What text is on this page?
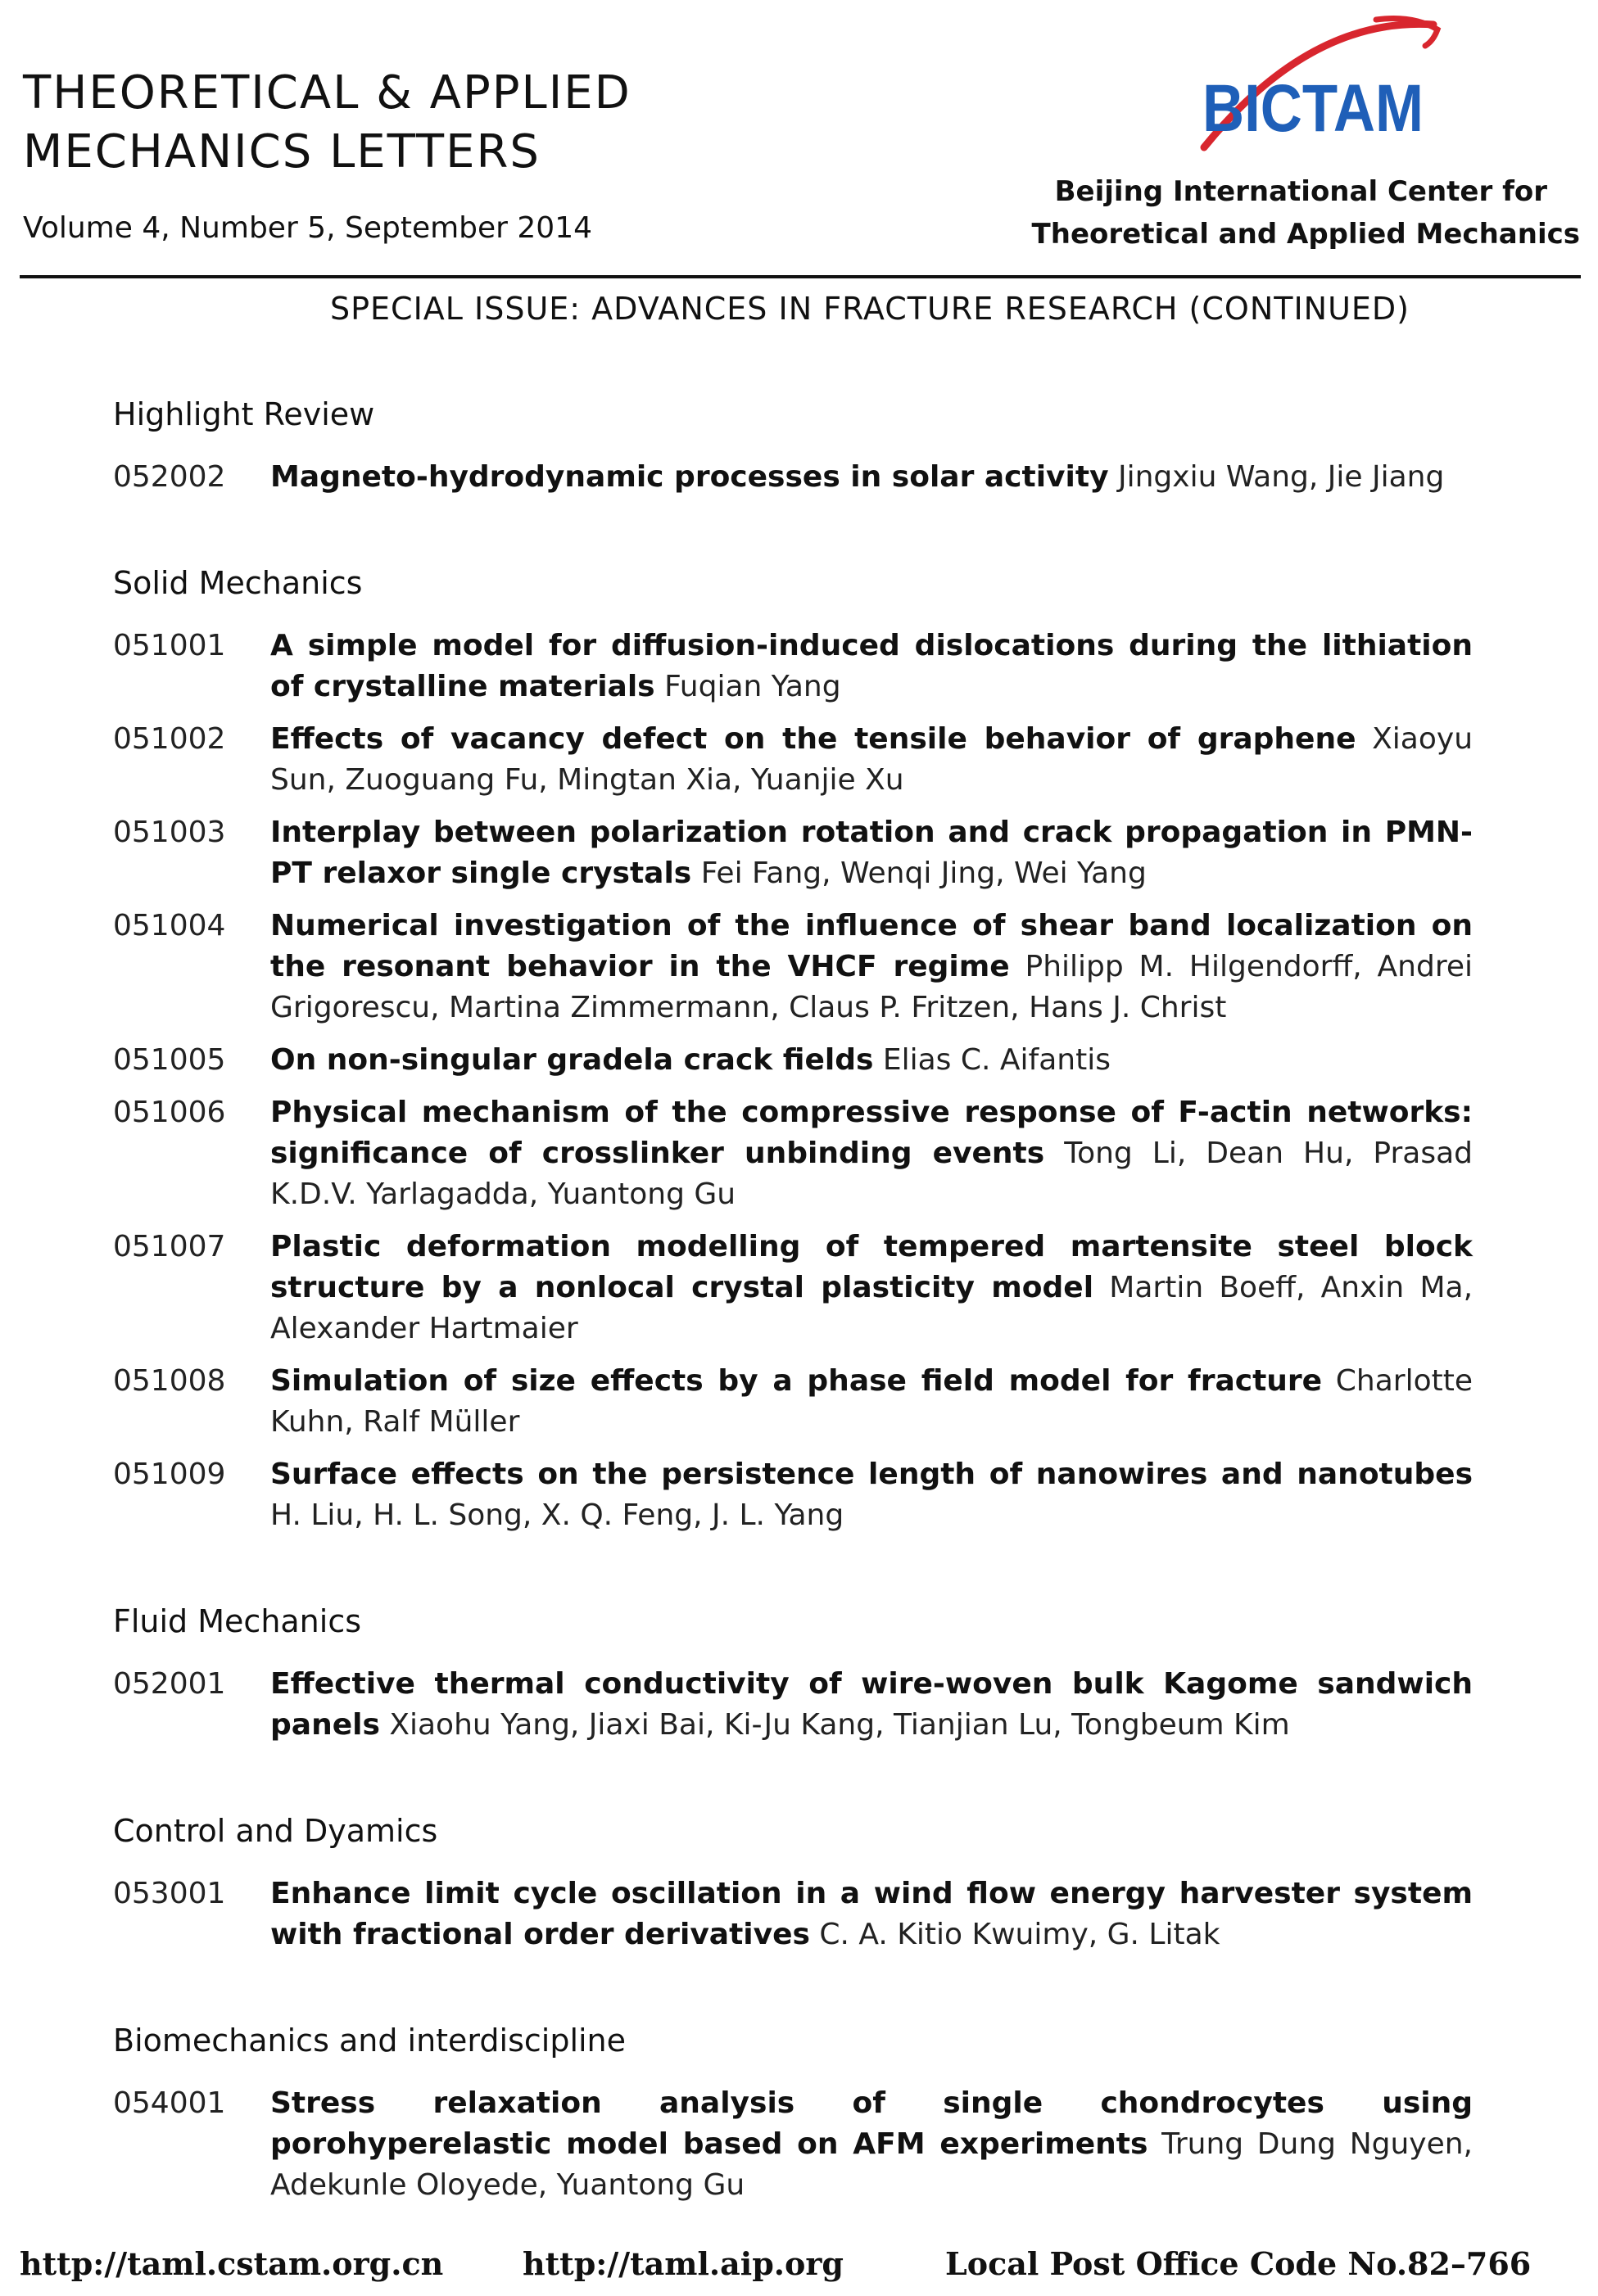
THEORETICAL & APPLIED
MECHANICS LETTERS
Volume 4, Number 5, September 2014
BICTAM
Beijing International Center for
Theoretical and Applied Mechanics
SPECIAL ISSUE: ADVANCES IN FRACTURE RESEARCH (CONTINUED)
Highlight Review
052002	Magneto-hydrodynamic processes in solar activity Jingxiu Wang, Jie Jiang
Solid Mechanics
051001	A simple model for diffusion-induced dislocations during the lithiation of crystalline materials Fuqian Yang
051002	Effects of vacancy defect on the tensile behavior of graphene Xiaoyu Sun, Zuoguang Fu, Mingtan Xia, Yuanjie Xu
051003	Interplay between polarization rotation and crack propagation in PMN-PT relaxor single crystals Fei Fang, Wenqi Jing, Wei Yang
051004	Numerical investigation of the influence of shear band localization on the resonant behavior in the VHCF regime Philipp M. Hilgendorff, Andrei Grigorescu, Martina Zimmermann, Claus P. Fritzen, Hans J. Christ
051005	On non-singular gradela crack fields Elias C. Aifantis
051006	Physical mechanism of the compressive response of F-actin networks: significance of crosslinker unbinding events Tong Li, Dean Hu, Prasad K.D.V. Yarlagadda, Yuantong Gu
051007	Plastic deformation modelling of tempered martensite steel block structure by a nonlocal crystal plasticity model Martin Boeff, Anxin Ma, Alexander Hartmaier
051008	Simulation of size effects by a phase field model for fracture Charlotte Kuhn, Ralf Müller
051009	Surface effects on the persistence length of nanowires and nanotubes H. Liu, H. L. Song, X. Q. Feng, J. L. Yang
Fluid Mechanics
052001	Effective thermal conductivity of wire-woven bulk Kagome sandwich panels Xiaohu Yang, Jiaxi Bai, Ki-Ju Kang, Tianjian Lu, Tongbeum Kim
Control and Dyamics
053001	Enhance limit cycle oscillation in a wind flow energy harvester system with fractional order derivatives C. A. Kitio Kwuimy, G. Litak
Biomechanics and interdiscipline
054001	Stress relaxation analysis of single chondrocytes using porohyperelastic model based on AFM experiments Trung Dung Nguyen, Adekunle Oloyede, Yuantong Gu
http://taml.cstam.org.cn	http://taml.aip.org	Local Post Office Code No.82–766
